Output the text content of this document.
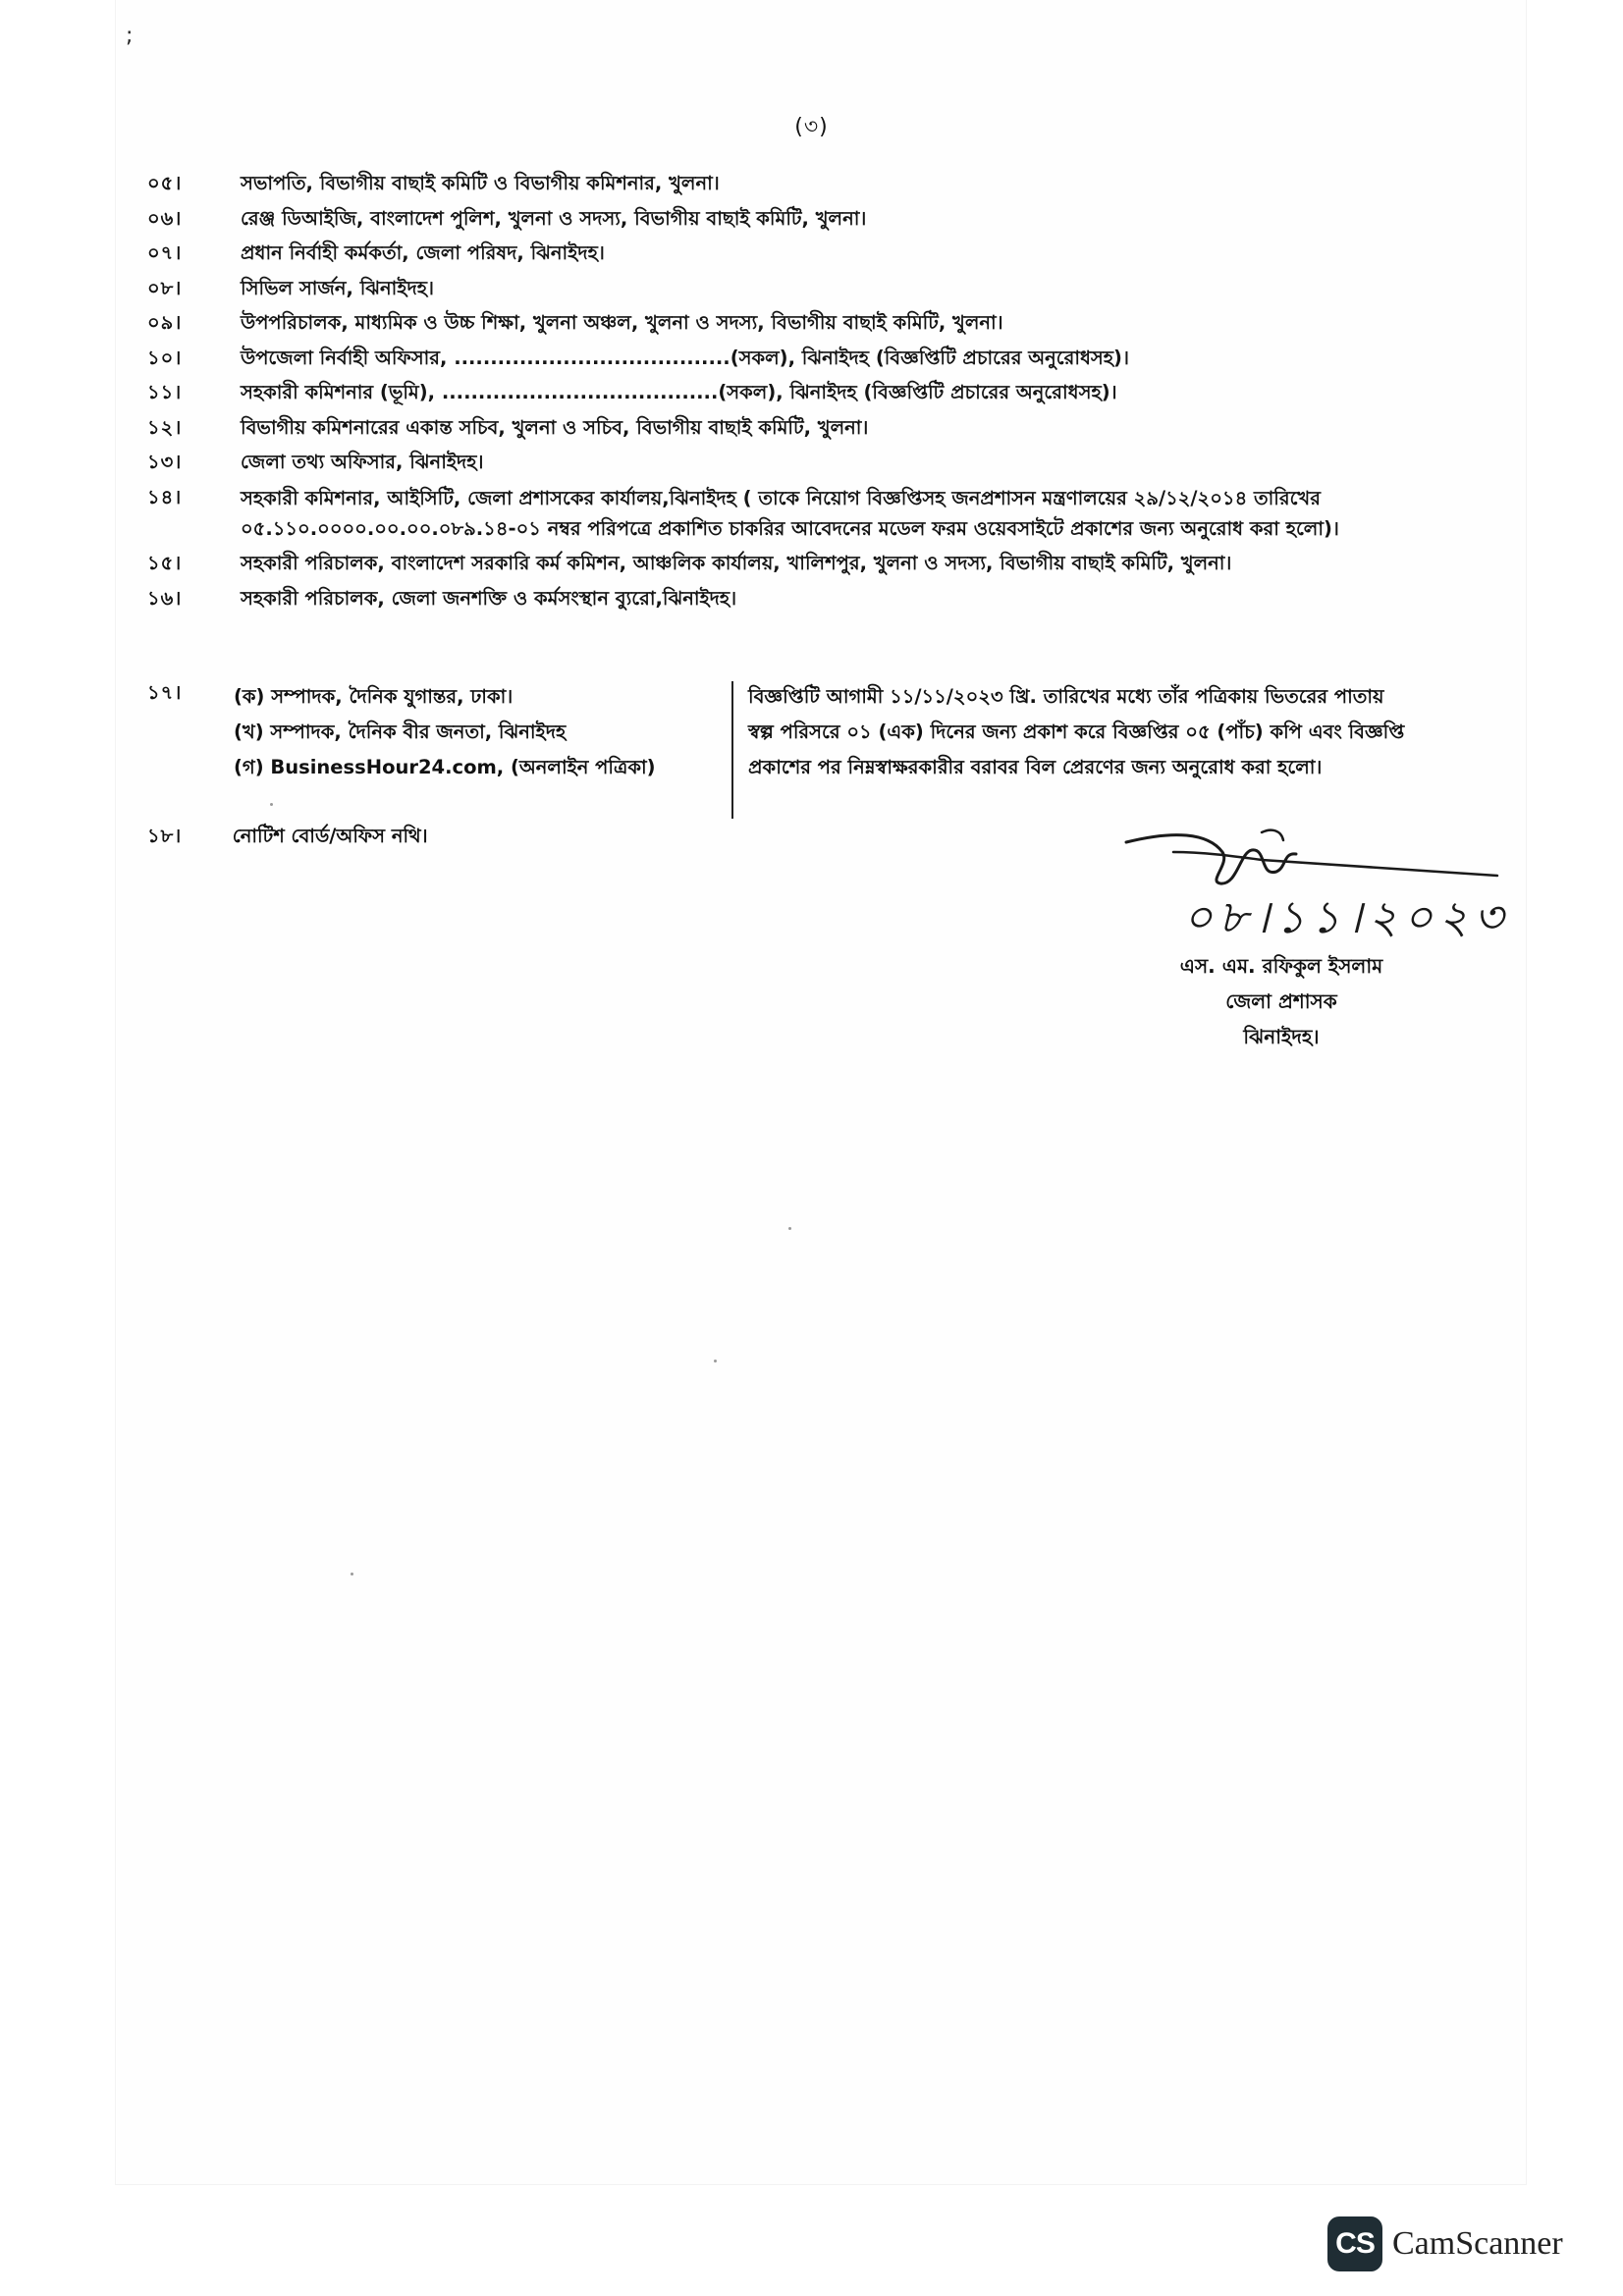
;
(৩)
০৫।	সভাপতি, বিভাগীয় বাছাই কমিটি ও বিভাগীয় কমিশনার, খুলনা।
০৬।	রেঞ্জ ডিআইজি, বাংলাদেশ পুলিশ, খুলনা ও সদস্য, বিভাগীয় বাছাই কমিটি, খুলনা।
০৭।	প্রধান নির্বাহী কর্মকর্তা, জেলা পরিষদ, ঝিনাইদহ।
০৮।	সিভিল সার্জন, ঝিনাইদহ।
০৯।	উপপরিচালক, মাধ্যমিক ও উচ্চ শিক্ষা, খুলনা অঞ্চল, খুলনা ও সদস্য, বিভাগীয় বাছাই কমিটি, খুলনা।
১০।	উপজেলা নির্বাহী অফিসার, ......................................(সকল), ঝিনাইদহ (বিজ্ঞপ্তিটি প্রচারের অনুরোধসহ)।
১১।	সহকারী কমিশনার (ভূমি), ......................................(সকল), ঝিনাইদহ (বিজ্ঞপ্তিটি প্রচারের অনুরোধসহ)।
১২।	বিভাগীয় কমিশনারের একান্ত সচিব, খুলনা ও সচিব, বিভাগীয় বাছাই কমিটি, খুলনা।
১৩।	জেলা তথ্য অফিসার, ঝিনাইদহ।
১৪।	সহকারী কমিশনার, আইসিটি, জেলা প্রশাসকের কার্যালয়,ঝিনাইদহ ( তাকে নিয়োগ বিজ্ঞপ্তিসহ জনপ্রশাসন মন্ত্রণালয়ের ২৯/১২/২০১৪ তারিখের ০৫.১১০.০০০০.০০.০০.০৮৯.১৪-০১ নম্বর পরিপত্রে প্রকাশিত চাকরির আবেদনের মডেল ফরম ওয়েবসাইটে প্রকাশের জন্য অনুরোধ করা হলো)।
১৫।	সহকারী পরিচালক, বাংলাদেশ সরকারি কর্ম কমিশন, আঞ্চলিক কার্যালয়, খালিশপুর, খুলনা ও সদস্য, বিভাগীয় বাছাই কমিটি, খুলনা।
১৬।	সহকারী পরিচালক, জেলা জনশক্তি ও কর্মসংস্থান ব্যুরো,ঝিনাইদহ।
১৭।	(ক) সম্পাদক, দৈনিক যুগান্তর, ঢাকা।
(খ) সম্পাদক, দৈনিক বীর জনতা, ঝিনাইদহ
(গ) BusinessHour24.com, (অনলাইন পত্রিকা)
বিজ্ঞপ্তিটি আগামী ১১/১১/২০২৩ খ্রি. তারিখের মধ্যে তাঁর পত্রিকায় ভিতরের পাতায় স্বল্প পরিসরে ০১ (এক) দিনের জন্য প্রকাশ করে বিজ্ঞপ্তির ০৫ (পাঁচ) কপি এবং বিজ্ঞপ্তি প্রকাশের পর নিম্নস্বাক্ষরকারীর বরাবর বিল প্রেরণের জন্য অনুরোধ করা হলো।
১৮।	নোটিশ বোর্ড/অফিস নথি।
০৮।১১।২০২৩
এস. এম. রফিকুল ইসলাম
জেলা প্রশাসক
ঝিনাইদহ।
CS CamScanner
